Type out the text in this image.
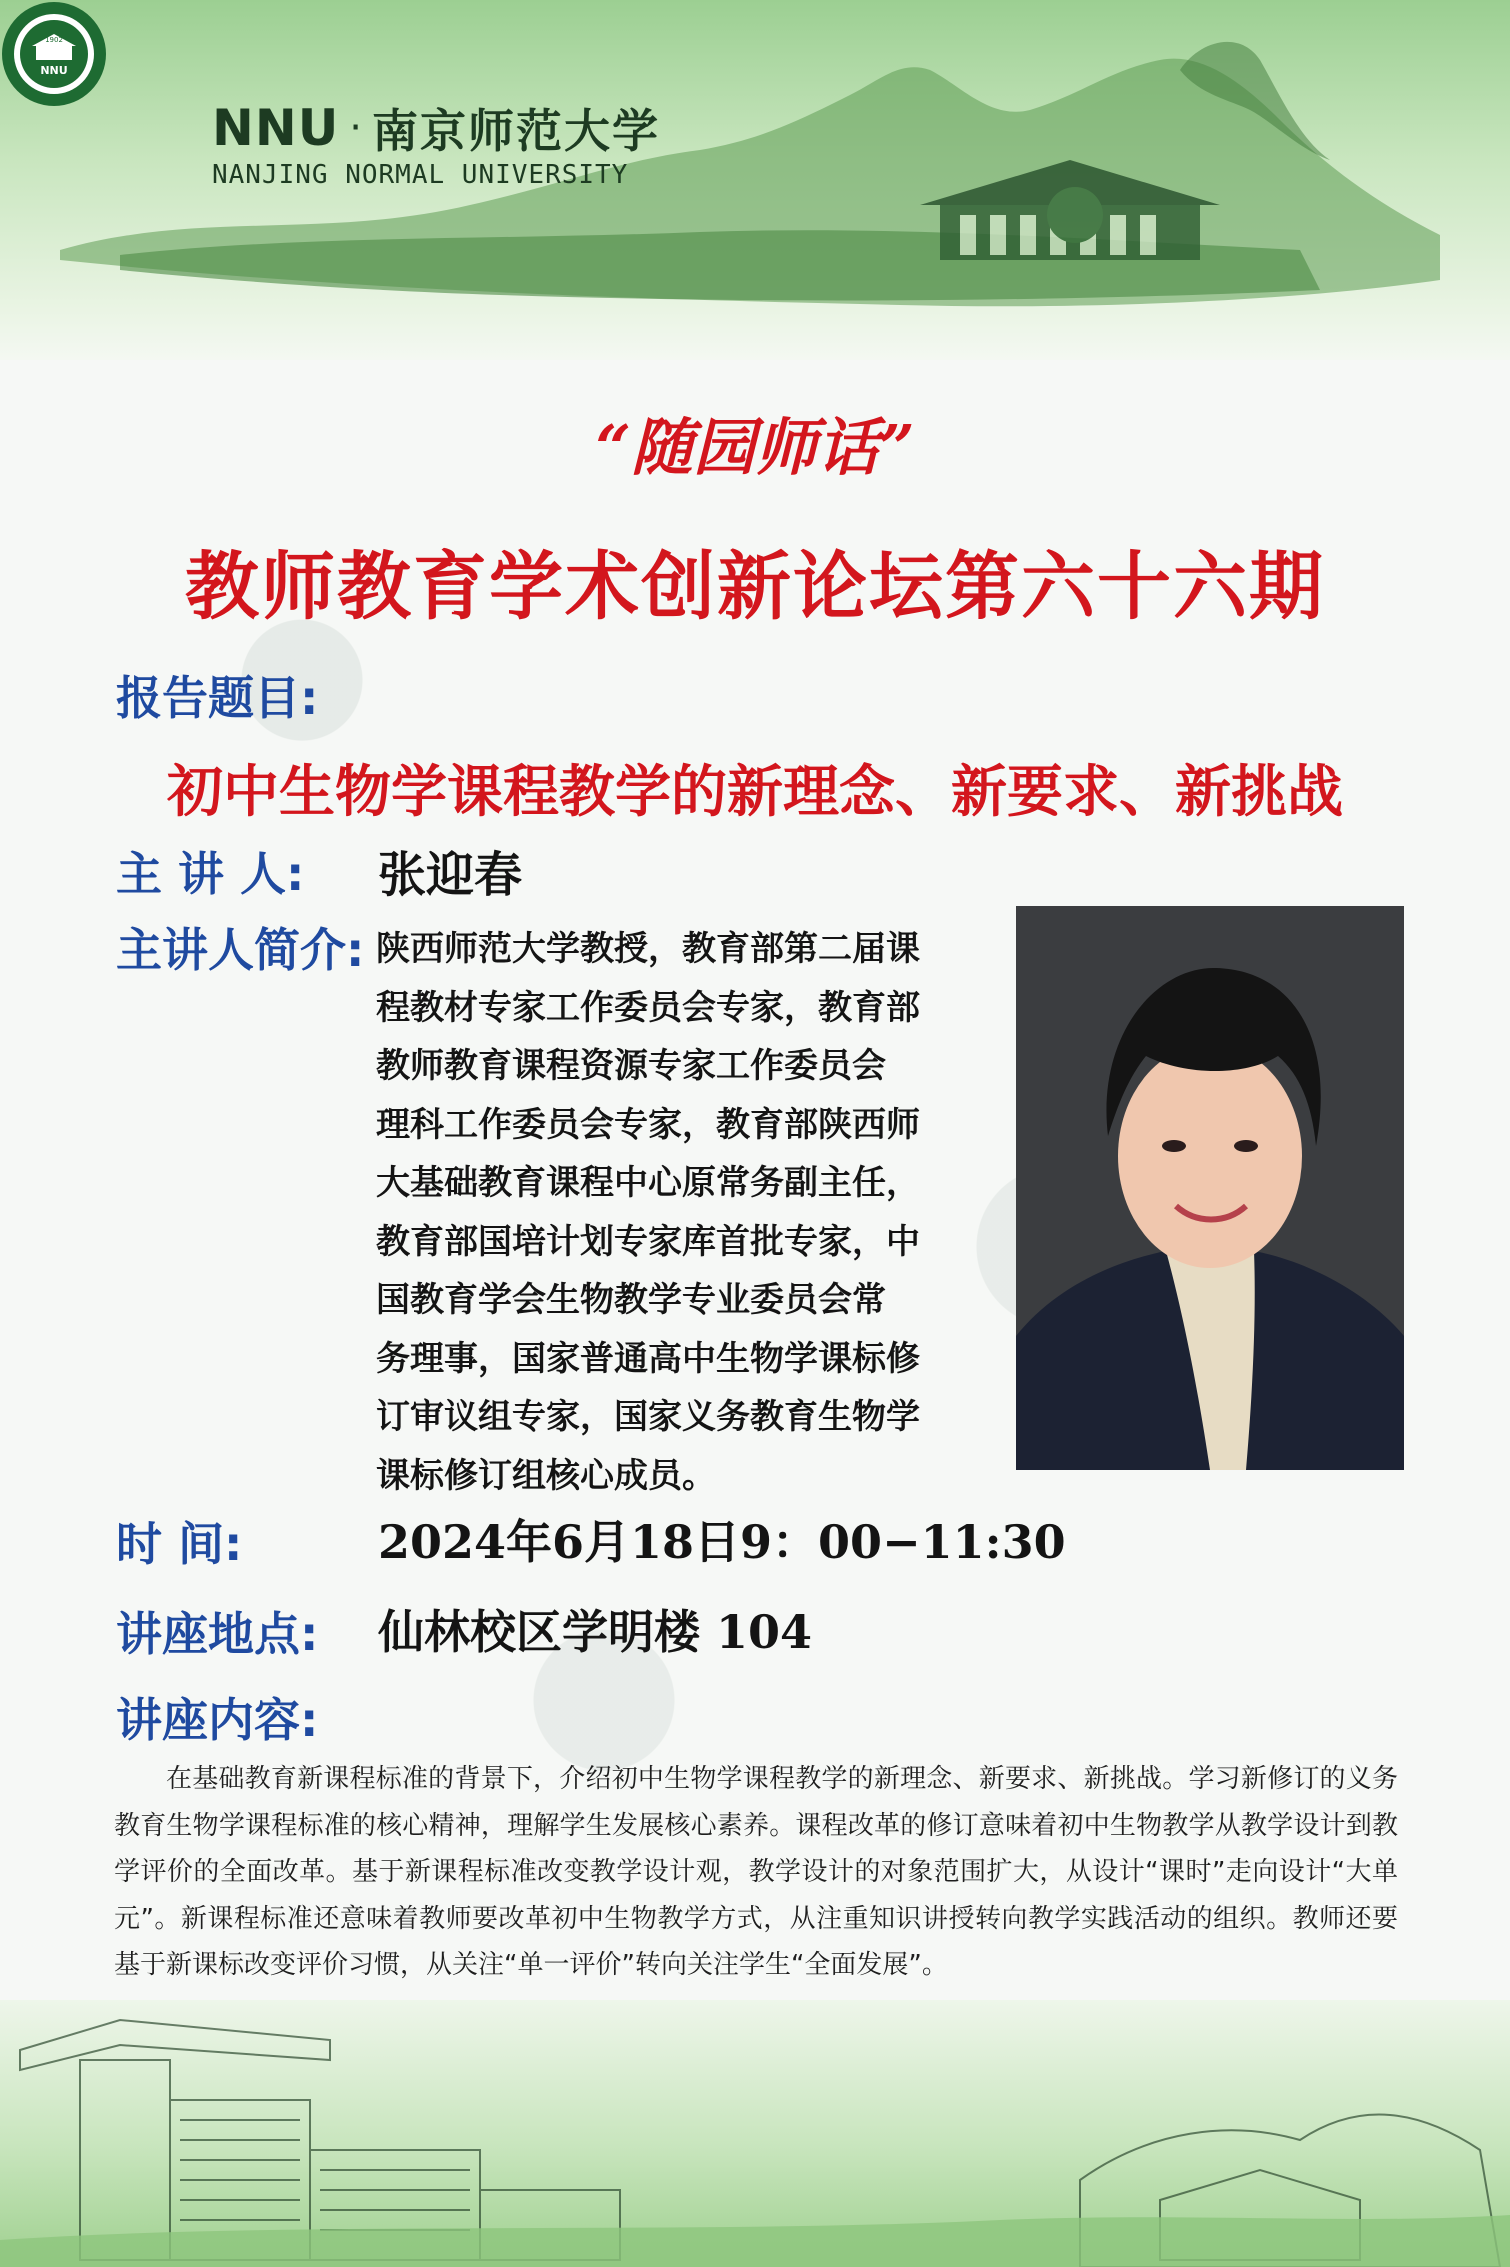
NNU
1902
NNU · 南京师范大学
NANJING NORMAL UNIVERSITY
“随园师话”
教师教育学术创新论坛第六十六期
报告题目:
初中生物学课程教学的新理念、新要求、新挑战
主 讲 人: 张迎春
主讲人简介: 陕西师范大学教授，教育部第二届课
程教材专家工作委员会专家，教育部
教师教育课程资源专家工作委员会
理科工作委员会专家，教育部陕西师
大基础教育课程中心原常务副主任，
教育部国培计划专家库首批专家，中
国教育学会生物教学专业委员会常
务理事，国家普通高中生物学课标修
订审议组专家，国家义务教育生物学
课标修订组核心成员。
时 间:	2024年6月18日9：00−11:30
讲座地点: 仙林校区学明楼 104
讲座内容:
在基础教育新课程标准的背景下，介绍初中生物学课程教学的新理念、新要求、新挑战。学习新修订的义务教育生物学课程标准的核心精神，理解学生发展核心素养。课程改革的修订意味着初中生物教学从教学设计到教学评价的全面改革。基于新课程标准改变教学设计观，教学设计的对象范围扩大，从设计“课时”走向设计“大单元”。新课程标准还意味着教师要改革初中生物教学方式，从注重知识讲授转向教学实践活动的组织。教师还要基于新课标改变评价习惯，从关注“单一评价”转向关注学生“全面发展”。
